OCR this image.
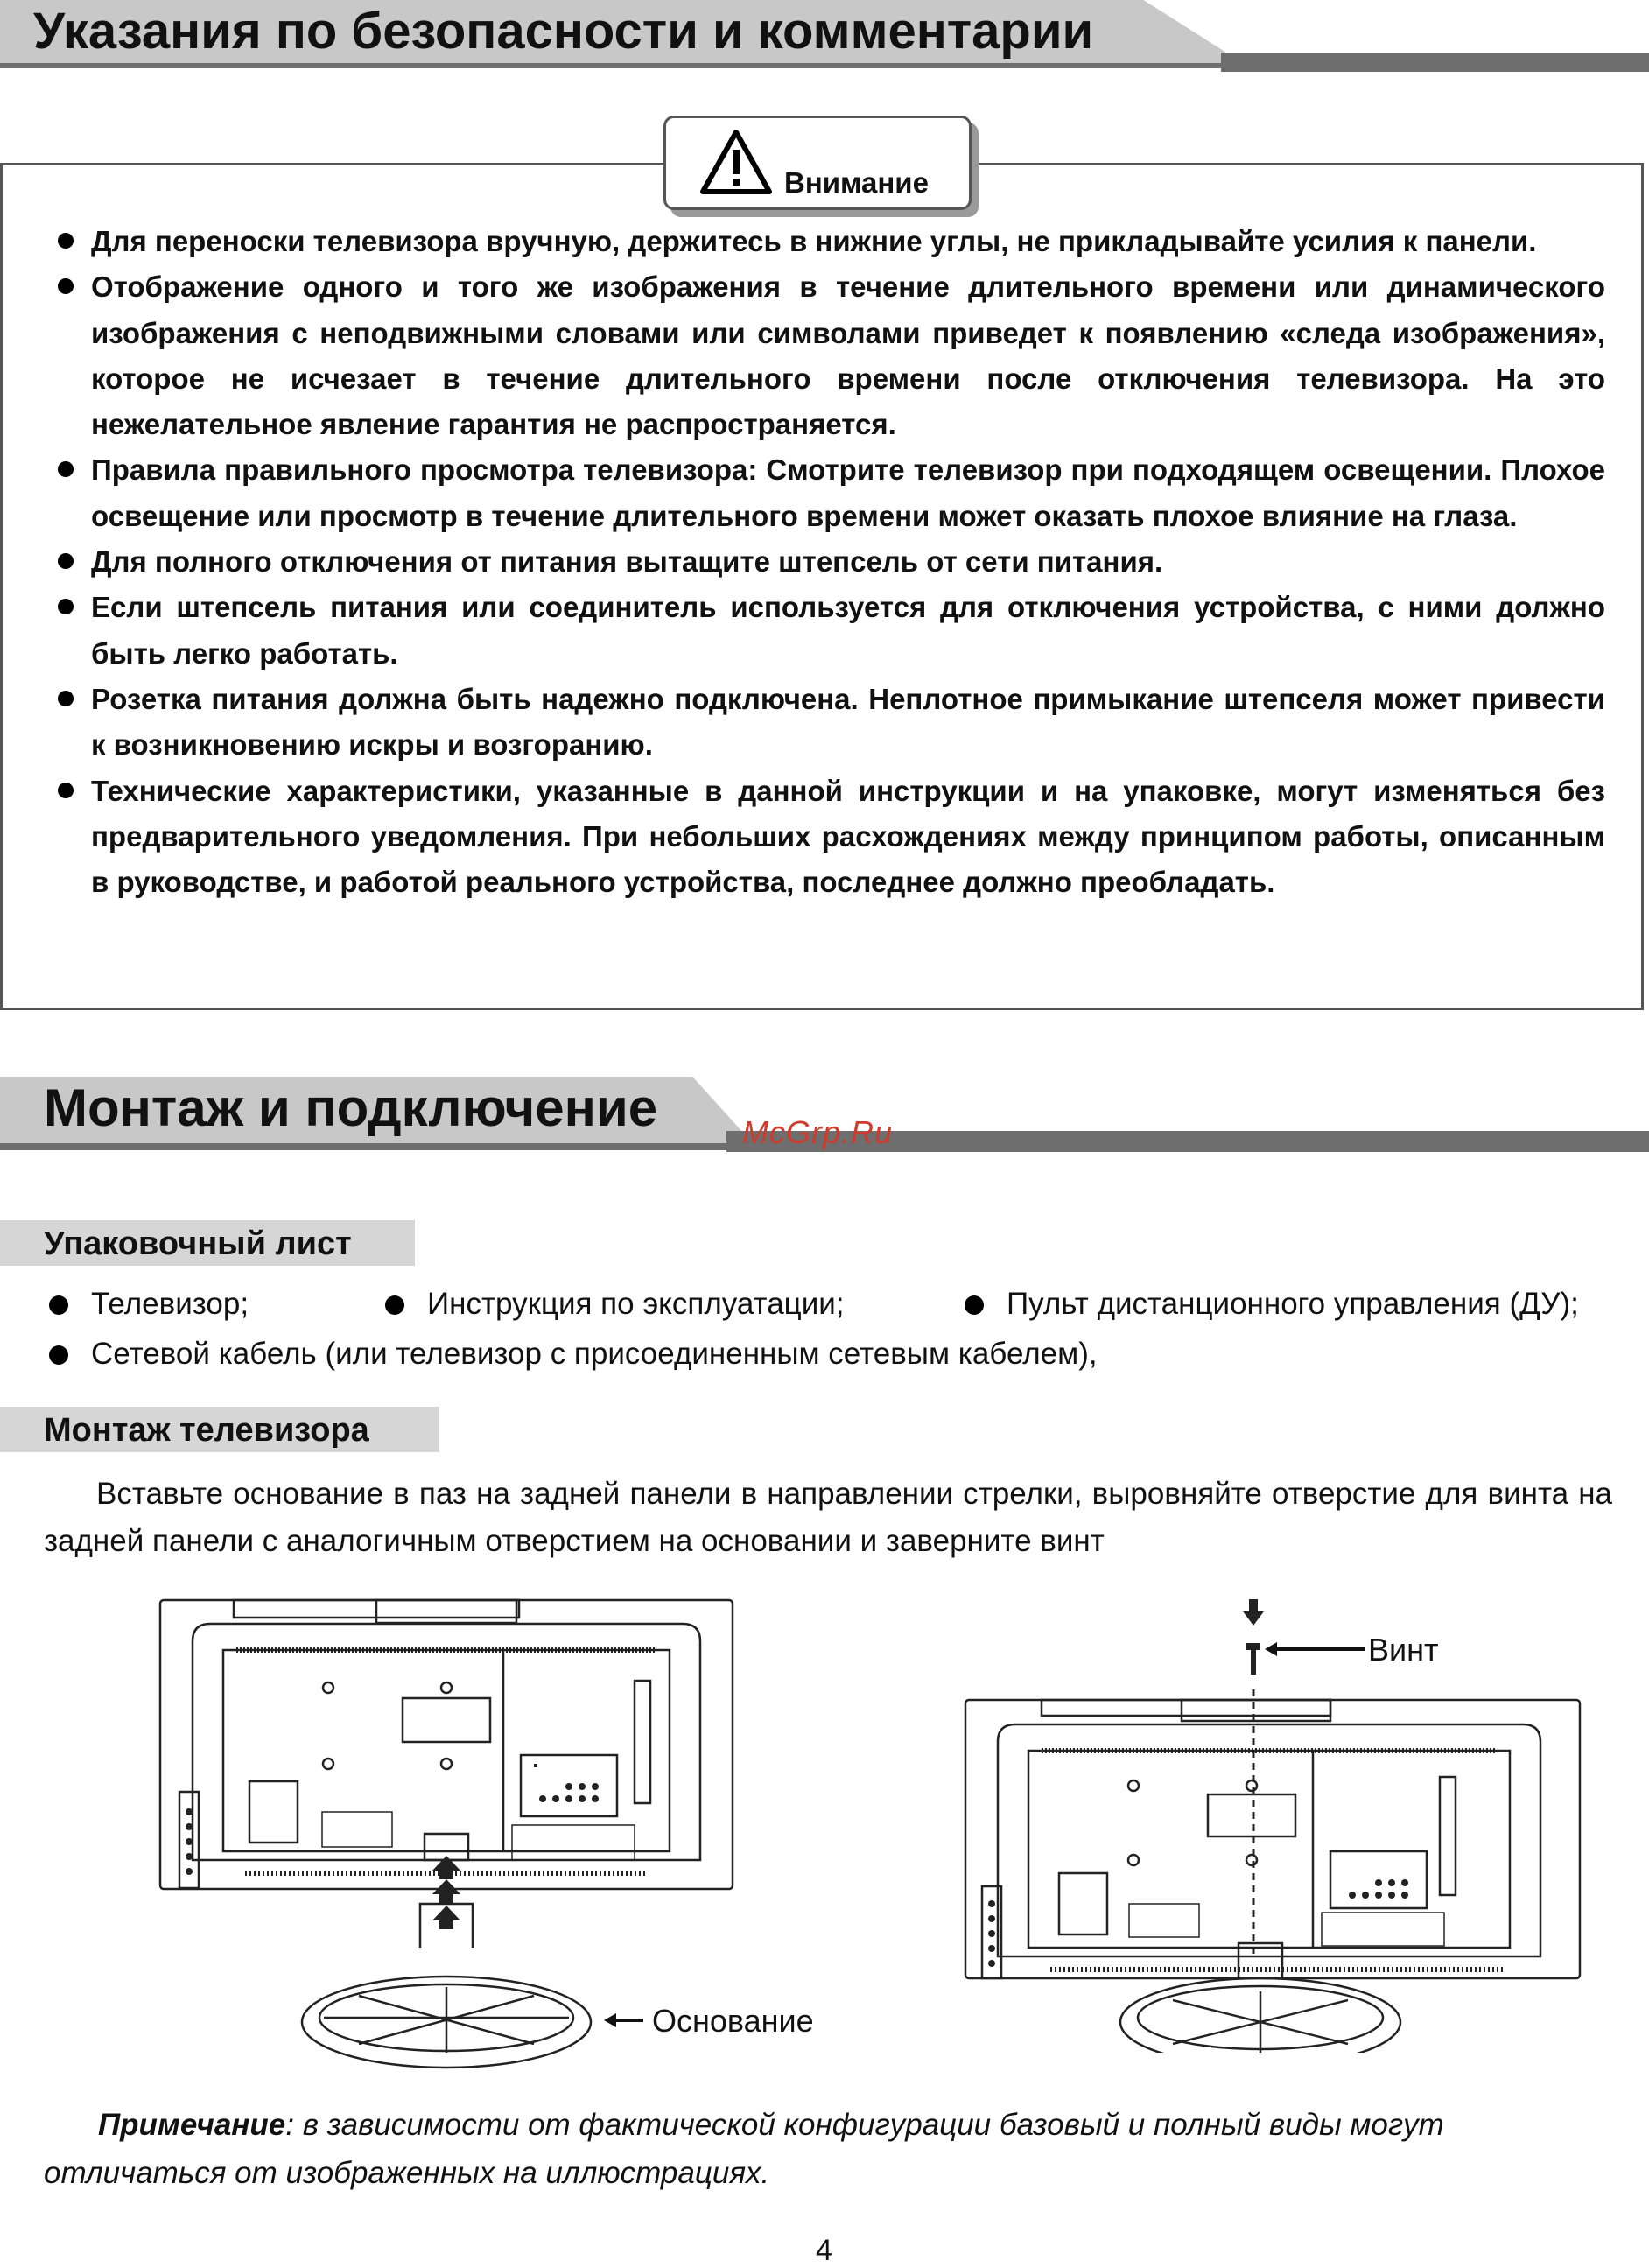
Указания по безопасности и комментарии
Внимание
Для переноски телевизора вручную, держитесь в нижние углы, не прикладывайте усилия к панели.
Отображение одного и того же изображения в течение длительного времени или динамического изображения с неподвижными словами или символами приведет к появлению «следа изображения», которое не исчезает в течение длительного времени после отключения телевизора. На это нежелательное явление гарантия не распространяется.
Правила правильного просмотра телевизора: Смотрите телевизор при подходящем освещении. Плохое освещение или просмотр в течение длительного времени может оказать плохое влияние на глаза.
Для полного отключения от питания вытащите штепсель от сети питания.
Если штепсель питания или соединитель используется для отключения устройства, с ними должно быть легко работать.
Розетка питания должна быть надежно подключена. Неплотное примыкание штепселя может привести к возникновению искры и возгоранию.
Технические характеристики, указанные в данной инструкции и на упаковке, могут изменяться без предварительного уведомления. При небольших расхождениях между принципом работы, описанным в руководстве, и работой реального устройства, последнее должно преобладать.
Монтаж и подключение	McGrp.Ru
Упаковочный лист
Телевизор;	Инструкция по эксплуатации;	Пульт дистанционного управления (ДУ);
Сетевой кабель (или телевизор с присоединенным сетевым кабелем),
Монтаж телевизора
Вставьте основание в паз на задней панели в направлении стрелки, выровняйте отверстие для винта на задней панели с аналогичным отверстием на основании и заверните винт
Основание
Винт
Примечание: в зависимости от фактической конфигурации базовый и полный виды могут отличаться от изображенных на иллюстрациях.
4
